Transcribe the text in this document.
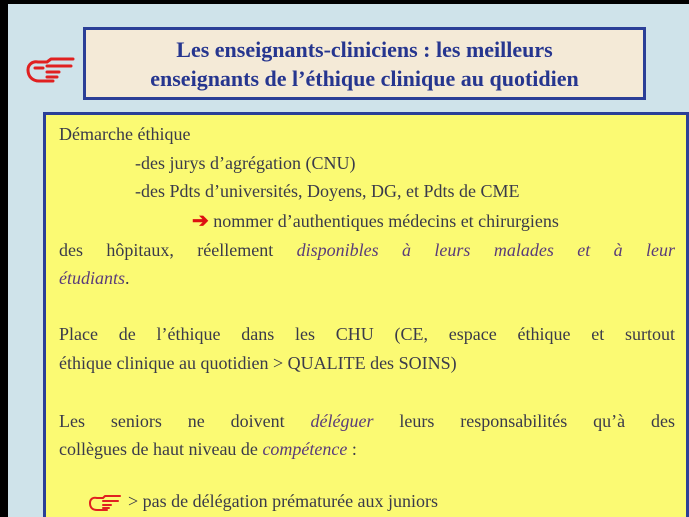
Les enseignants-cliniciens : les meilleurs
enseignants de l’éthique clinique au quotidien
Démarche éthique
-des jurys d’agrégation (CNU)
-des Pdts d’universités, Doyens, DG, et Pdts de CME
➔ nommer d’authentiques médecins et chirurgiens
des hôpitaux, réellement disponibles à leurs malades et à leur
étudiants.
Place de l’éthique dans les CHU (CE, espace éthique et surtout
éthique clinique au quotidien > QUALITE des SOINS)
Les seniors ne doivent déléguer leurs responsabilités qu’à des
collègues de haut niveau de compétence :
> pas de délégation prématurée aux juniors
